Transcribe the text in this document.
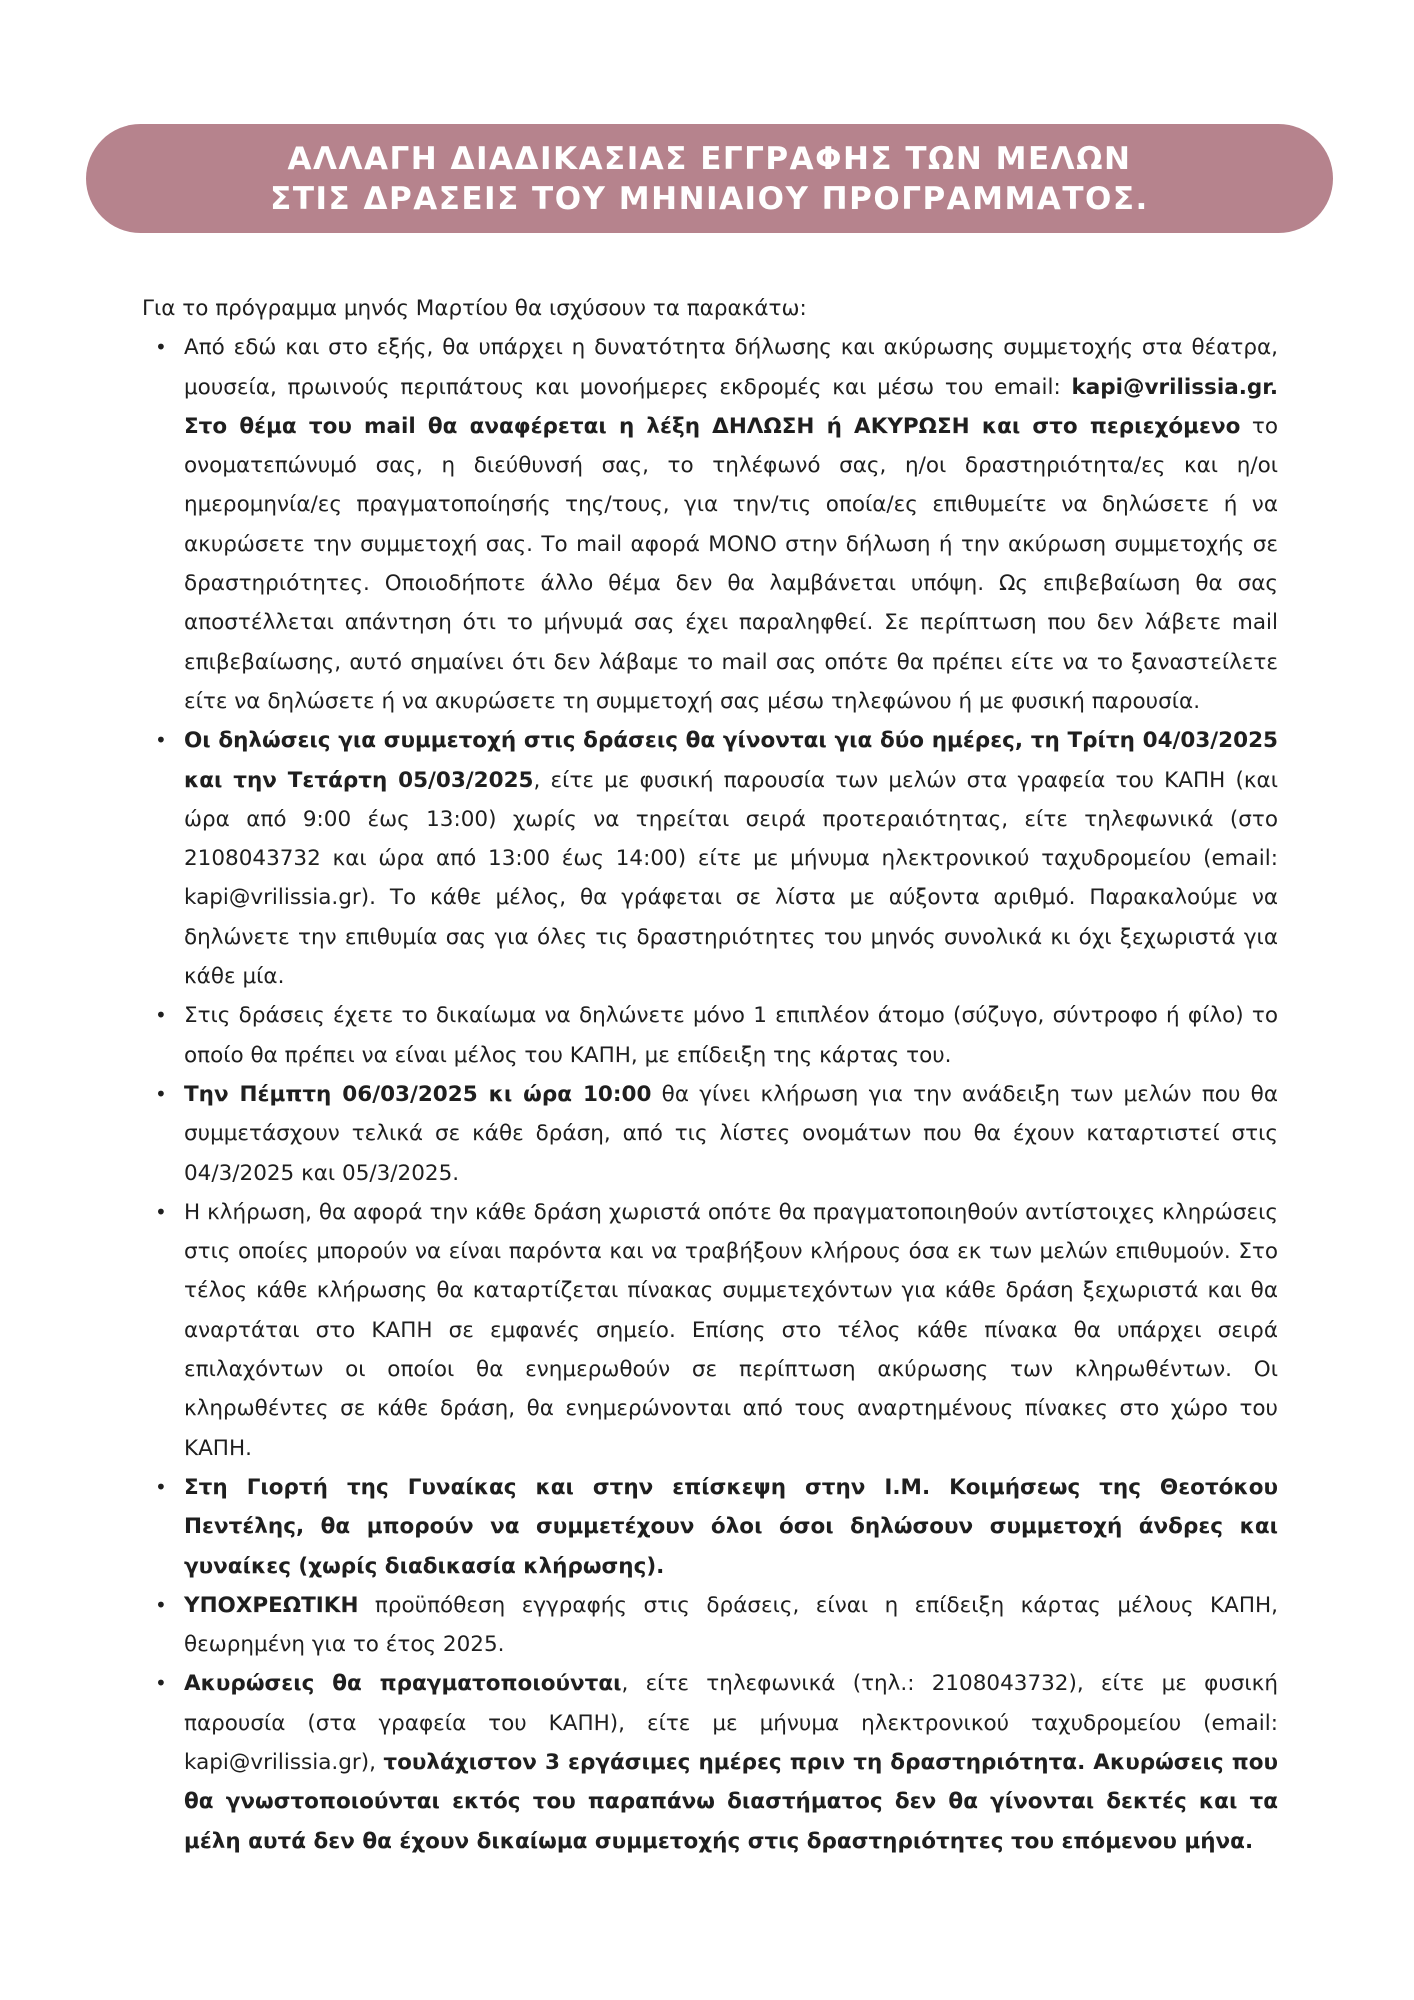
ΑΛΛΑΓΗ ΔΙΑΔΙΚΑΣΙΑΣ ΕΓΓΡΑΦΗΣ ΤΩΝ ΜΕΛΩΝ
ΣΤΙΣ ΔΡΑΣΕΙΣ ΤΟΥ ΜΗΝΙΑΙΟΥ ΠΡΟΓΡΑΜΜΑΤΟΣ.

Για το πρόγραμμα μηνός Μαρτίου θα ισχύσουν τα παρακάτω:

• Από εδώ και στο εξής, θα υπάρχει η δυνατότητα δήλωσης και ακύρωσης συμμετοχής στα θέατρα, μουσεία, πρωινούς περιπάτους και μονοήμερες εκδρομές και μέσω του email: kapi@vrilissia.gr. Στο θέμα του mail θα αναφέρεται η λέξη ΔΗΛΩΣΗ ή ΑΚΥΡΩΣΗ και στο περιεχόμενο το ονοματεπώνυμό σας, η διεύθυνσή σας, το τηλέφωνό σας, η/οι δραστηριότητα/ες και η/οι ημερομηνία/ες πραγματοποίησής της/τους, για την/τις οποία/ες επιθυμείτε να δηλώσετε ή να ακυρώσετε την συμμετοχή σας. Το mail αφορά ΜΟΝΟ στην δήλωση ή την ακύρωση συμμετοχής σε δραστηριότητες. Οποιοδήποτε άλλο θέμα δεν θα λαμβάνεται υπόψη. Ως επιβεβαίωση θα σας αποστέλλεται απάντηση ότι το μήνυμά σας έχει παραληφθεί. Σε περίπτωση που δεν λάβετε mail επιβεβαίωσης, αυτό σημαίνει ότι δεν λάβαμε το mail σας οπότε θα πρέπει είτε να το ξαναστείλετε είτε να δηλώσετε ή να ακυρώσετε τη συμμετοχή σας μέσω τηλεφώνου ή με φυσική παρουσία.
• Οι δηλώσεις για συμμετοχή στις δράσεις θα γίνονται για δύο ημέρες, τη Τρίτη 04/03/2025 και την Τετάρτη 05/03/2025, είτε με φυσική παρουσία των μελών στα γραφεία του ΚΑΠΗ (και ώρα από 9:00 έως 13:00) χωρίς να τηρείται σειρά προτεραιότητας, είτε τηλεφωνικά (στο 2108043732 και ώρα από 13:00 έως 14:00) είτε με μήνυμα ηλεκτρονικού ταχυδρομείου (email: kapi@vrilissia.gr). Το κάθε μέλος, θα γράφεται σε λίστα με αύξοντα αριθμό. Παρακαλούμε να δηλώνετε την επιθυμία σας για όλες τις δραστηριότητες του μηνός συνολικά κι όχι ξεχωριστά για κάθε μία.
• Στις δράσεις έχετε το δικαίωμα να δηλώνετε μόνο 1 επιπλέον άτομο (σύζυγο, σύντροφο ή φίλο) το οποίο θα πρέπει να είναι μέλος του ΚΑΠΗ, με επίδειξη της κάρτας του.
• Την Πέμπτη 06/03/2025 κι ώρα 10:00 θα γίνει κλήρωση για την ανάδειξη των μελών που θα συμμετάσχουν τελικά σε κάθε δράση, από τις λίστες ονομάτων που θα έχουν καταρτιστεί στις 04/3/2025 και 05/3/2025.
• Η κλήρωση, θα αφορά την κάθε δράση χωριστά οπότε θα πραγματοποιηθούν αντίστοιχες κληρώσεις στις οποίες μπορούν να είναι παρόντα και να τραβήξουν κλήρους όσα εκ των μελών επιθυμούν. Στο τέλος κάθε κλήρωσης θα καταρτίζεται πίνακας συμμετεχόντων για κάθε δράση ξεχωριστά και θα αναρτάται στο ΚΑΠΗ σε εμφανές σημείο. Επίσης στο τέλος κάθε πίνακα θα υπάρχει σειρά επιλαχόντων οι οποίοι θα ενημερωθούν σε περίπτωση ακύρωσης των κληρωθέντων. Οι κληρωθέντες σε κάθε δράση, θα ενημερώνονται από τους αναρτημένους πίνακες στο χώρο του ΚΑΠΗ.
• Στη Γιορτή της Γυναίκας και στην επίσκεψη στην Ι.Μ. Κοιμήσεως της Θεοτόκου Πεντέλης, θα μπορούν να συμμετέχουν όλοι όσοι δηλώσουν συμμετοχή άνδρες και γυναίκες (χωρίς διαδικασία κλήρωσης).
• ΥΠΟΧΡΕΩΤΙΚΗ προϋπόθεση εγγραφής στις δράσεις, είναι η επίδειξη κάρτας μέλους ΚΑΠΗ, θεωρημένη για το έτος 2025.
• Ακυρώσεις θα πραγματοποιούνται, είτε τηλεφωνικά (τηλ.: 2108043732), είτε με φυσική παρουσία (στα γραφεία του ΚΑΠΗ), είτε με μήνυμα ηλεκτρονικού ταχυδρομείου (email: kapi@vrilissia.gr), τουλάχιστον 3 εργάσιμες ημέρες πριν τη δραστηριότητα. Ακυρώσεις που θα γνωστοποιούνται εκτός του παραπάνω διαστήματος δεν θα γίνονται δεκτές και τα μέλη αυτά δεν θα έχουν δικαίωμα συμμετοχής στις δραστηριότητες του επόμενου μήνα.
